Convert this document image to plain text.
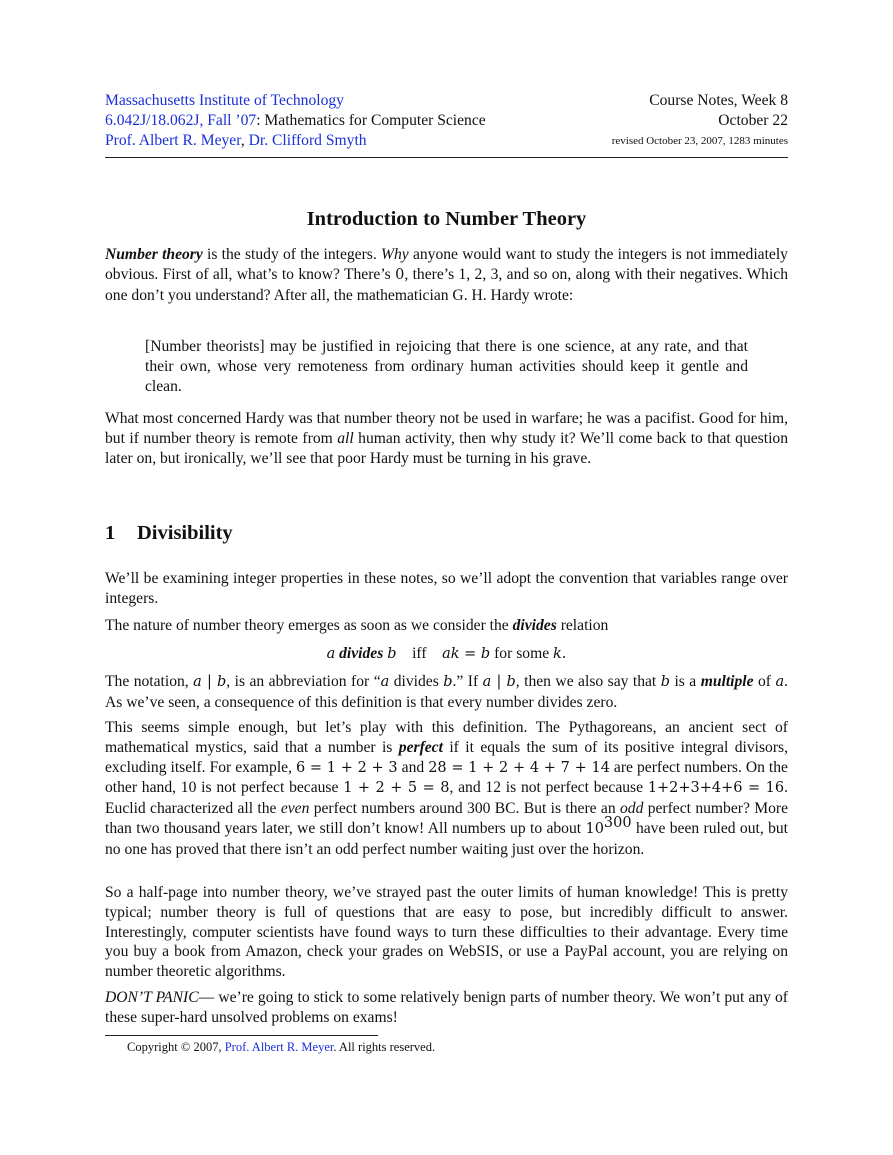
Massachusetts Institute of Technology
6.042J/18.062J, Fall ’07: Mathematics for Computer Science
Prof. Albert R. Meyer, Dr. Clifford Smyth
Course Notes, Week 8
October 22
revised October 23, 2007, 1283 minutes
Introduction to Number Theory

Number theory is the study of the integers. Why anyone would want to study the integers is not immediately obvious. First of all, what’s to know? There’s 0, there’s 1, 2, 3, and so on, along with their negatives. Which one don’t you understand? After all, the mathematician G. H. Hardy wrote:

[Number theorists] may be justified in rejoicing that there is one science, at any rate, and that their own, whose very remoteness from ordinary human activities should keep it gentle and clean.

What most concerned Hardy was that number theory not be used in warfare; he was a pacifist. Good for him, but if number theory is remote from all human activity, then why study it? We’ll come back to that question later on, but ironically, we’ll see that poor Hardy must be turning in his grave.

1 Divisibility

We’ll be examining integer properties in these notes, so we’ll adopt the convention that variables range over integers.

The nature of number theory emerges as soon as we consider the divides relation

a divides b iff ak = b for some k.

The notation, a | b, is an abbreviation for “a divides b.” If a | b, then we also say that b is a multiple of a. As we’ve seen, a consequence of this definition is that every number divides zero.

This seems simple enough, but let’s play with this definition. The Pythagoreans, an ancient sect of mathematical mystics, said that a number is perfect if it equals the sum of its positive integral divisors, excluding itself. For example, 6 = 1 + 2 + 3 and 28 = 1 + 2 + 4 + 7 + 14 are perfect numbers. On the other hand, 10 is not perfect because 1 + 2 + 5 = 8, and 12 is not perfect because 1+2+3+4+6 = 16. Euclid characterized all the even perfect numbers around 300 BC. But is there an odd perfect number? More than two thousand years later, we still don’t know! All numbers up to about $10^{300}$ have been ruled out, but no one has proved that there isn’t an odd perfect number waiting just over the horizon.

So a half-page into number theory, we’ve strayed past the outer limits of human knowledge! This is pretty typical; number theory is full of questions that are easy to pose, but incredibly difficult to answer. Interestingly, computer scientists have found ways to turn these difficulties to their advantage. Every time you buy a book from Amazon, check your grades on WebSIS, or use a PayPal account, you are relying on number theoretic algorithms.

DON’T PANIC— we’re going to stick to some relatively benign parts of number theory. We won’t put any of these super-hard unsolved problems on exams!

Copyright © 2007, Prof. Albert R. Meyer. All rights reserved.
